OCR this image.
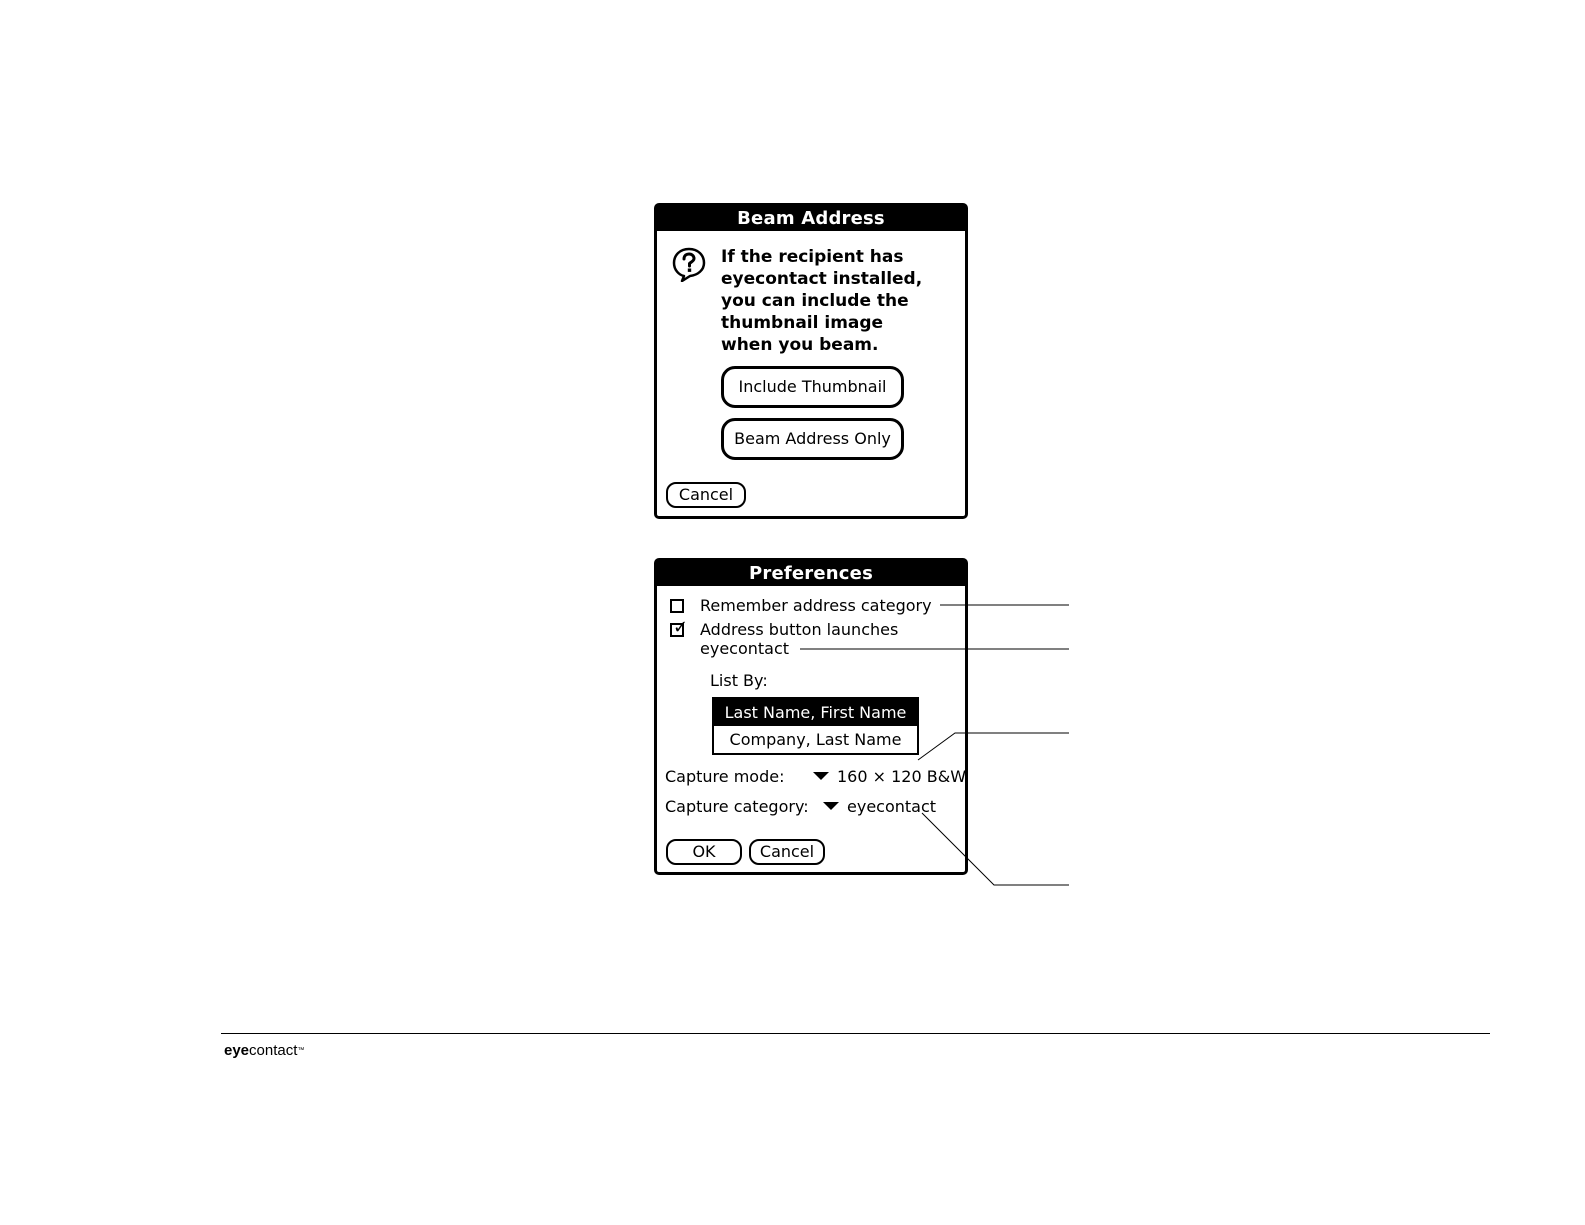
Beam Address

If the recipient has
eyecontact installed,
you can include the
thumbnail image
when you beam.

Include Thumbnail
Beam Address Only
Cancel
Preferences
Remember address category
✓ Address button launches
eyecontact
List By:
Last Name, First Name
Company, Last Name
Capture mode:	160 × 120 B&W
Capture category:	eyecontact
OK	Cancel
eyecontact™
